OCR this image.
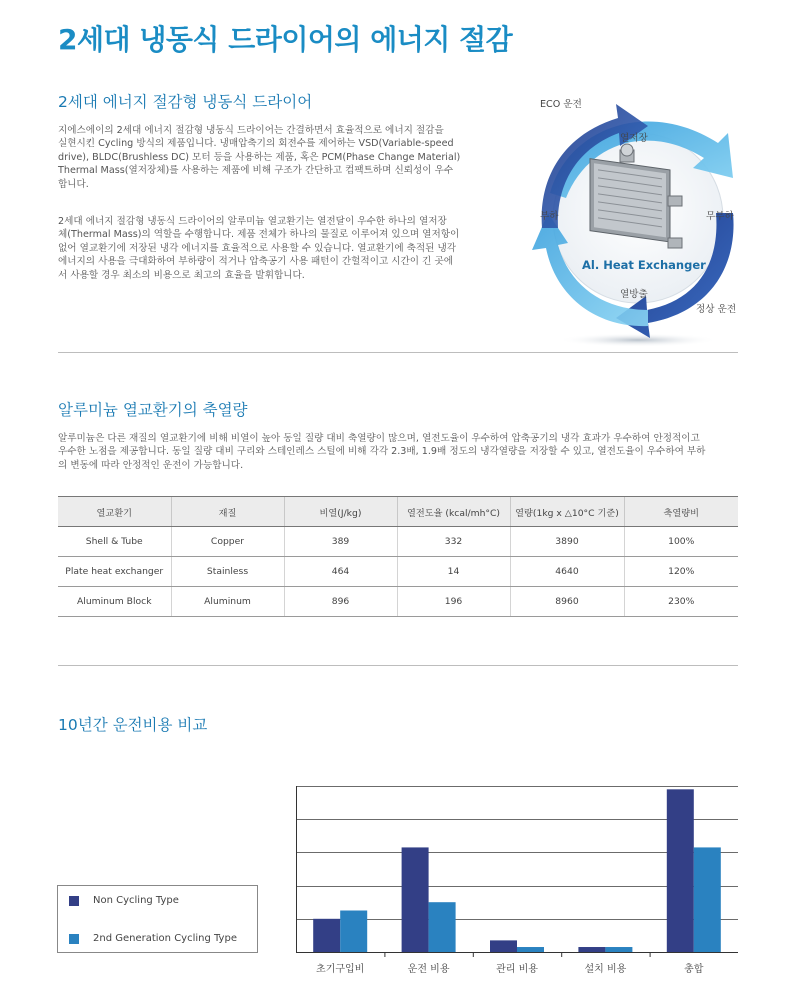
2세대 냉동식 드라이어의 에너지 절감
2세대 에너지 절감형 냉동식 드라이어
지에스에이의 2세대 에너지 절감형 냉동식 드라이어는 간결하면서 효율적으로 에너지 절감을
실현시킨 Cycling 방식의 제품입니다. 냉매압축기의 회전수를 제어하는 VSD(Variable-speed
drive), BLDC(Brushless DC) 모터 등을 사용하는 제품, 혹은 PCM(Phase Change Material)
Thermal Mass(열저장체)를 사용하는 제품에 비해 구조가 간단하고 컴팩트하며 신뢰성이 우수
합니다.
2세대 에너지 절감형 냉동식 드라이어의 알루미늄 열교환기는 열전달이 우수한 하나의 열저장
체(Thermal Mass)의 역할을 수행합니다. 제품 전체가 하나의 물질로 이루어져 있으며 열저항이
없어 열교환기에 저장된 냉각 에너지를 효율적으로 사용할 수 있습니다. 열교환기에 축적된 냉각
에너지의 사용을 극대화하여 부하량이 적거나 압축공기 사용 패턴이 간헐적이고 시간이 긴 곳에
서 사용할 경우 최소의 비용으로 최고의 효율을 발휘합니다.
ECO 운전
열저장
부하	무부하
Al. Heat Exchanger
열방출
정상 운전
알루미늄 열교환기의 축열량
알루미늄은 다른 재질의 열교환기에 비해 비열이 높아 동일 질량 대비 축열량이 많으며, 열전도율이 우수하여 압축공기의 냉각 효과가 우수하여 안정적이고
우수한 노점을 제공합니다. 동일 질량 대비 구리와 스테인레스 스틸에 비해 각각 2.3배, 1.9배 정도의 냉각열량을 저장할 수 있고, 열전도율이 우수하여 부하
의 변동에 따라 안정적인 운전이 가능합니다.
열교환기	재질	비열(J/kg)	열전도율 (kcal/mh°C)	열량(1kg x △10°C 기준)	축열량비
Shell & Tube	Copper	389	332	3890	100%
Plate heat exchanger	Stainless	464	14	4640	120%
Aluminum Block	Aluminum	896	196	8960	230%
10년간 운전비용 비교
초기구입비	운전 비용	관리 비용	설치 비용	총합
Non Cycling Type
2nd Generation Cycling Type
